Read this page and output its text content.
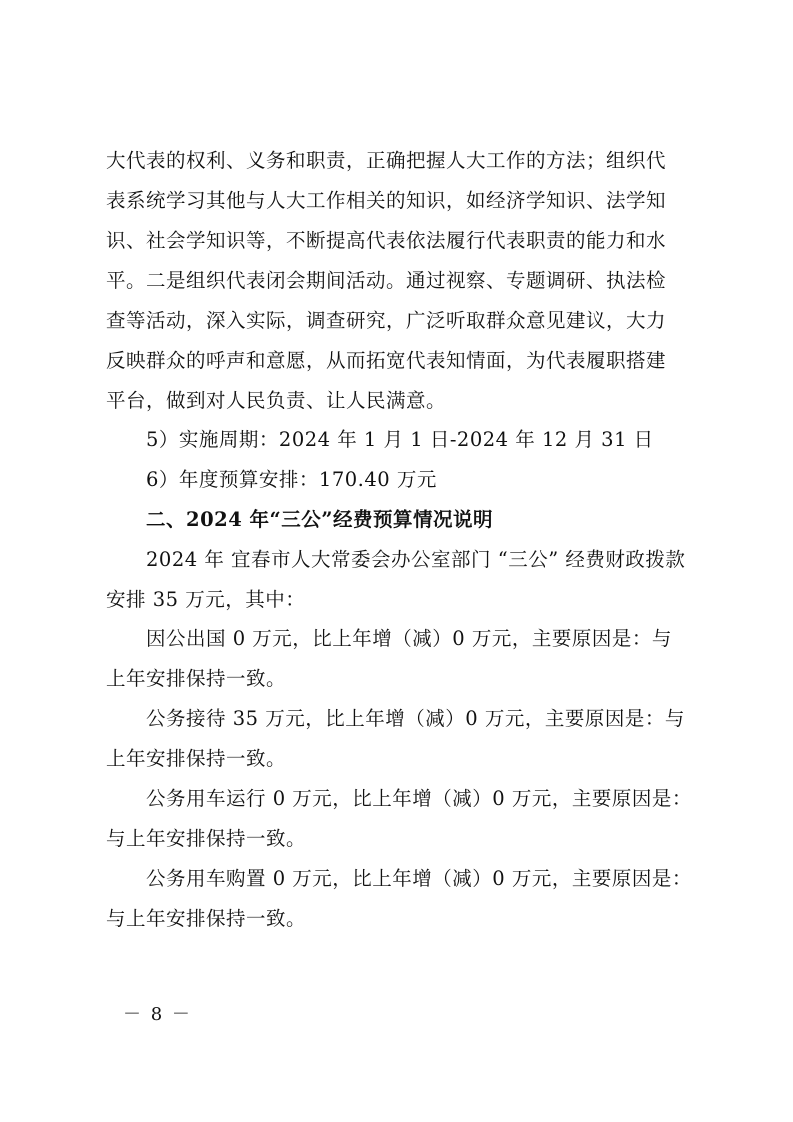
大代表的权利、义务和职责，正确把握人大工作的方法；组织代
表系统学习其他与人大工作相关的知识，如经济学知识、法学知
识、社会学知识等，不断提高代表依法履行代表职责的能力和水
平。二是组织代表闭会期间活动。通过视察、专题调研、执法检
查等活动，深入实际，调查研究，广泛听取群众意见建议，大力
反映群众的呼声和意愿，从而拓宽代表知情面，为代表履职搭建
平台，做到对人民负责、让人民满意。
5）实施周期：2024 年 1 月 1 日-2024 年 12 月 31 日
6）年度预算安排：170.40 万元
二、2024 年“三公”经费预算情况说明
2024 年 宜春市人大常委会办公室部门 “三公” 经费财政拨款
安排 35 万元，其中：
因公出国 0 万元，比上年增（减）0 万元，主要原因是：与
上年安排保持一致。
公务接待 35 万元，比上年增（减）0 万元，主要原因是：与
上年安排保持一致。
公务用车运行 0 万元，比上年增（减）0 万元，主要原因是：
与上年安排保持一致。
公务用车购置 0 万元，比上年增（减）0 万元，主要原因是：
与上年安排保持一致。
－ 8 －
